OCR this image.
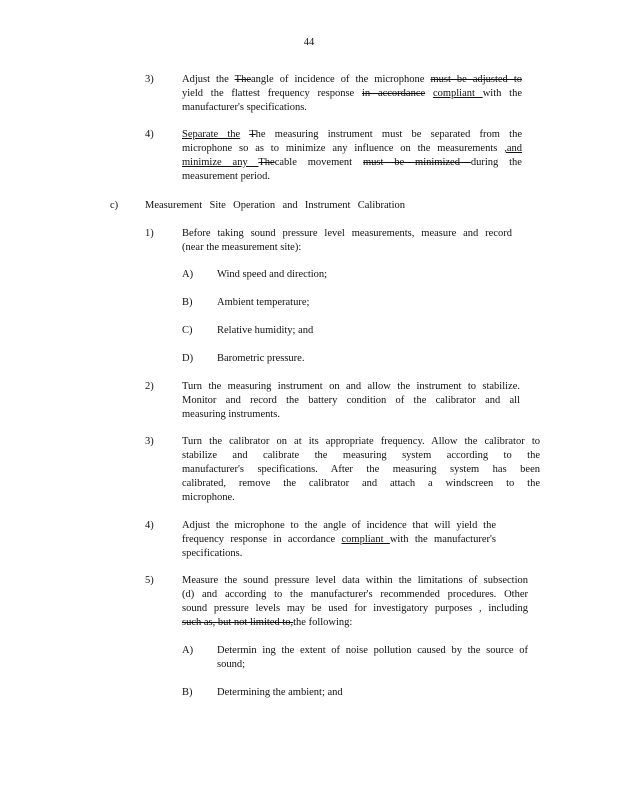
44
3)	Adjust the Theangle of incidence of the microphone must be adjusted to
yield the flattest frequency response in accordance compliant with the
manufacturer's specifications.
4)	Separate the The measuring instrument must be separated from the
microphone so as to minimize any influence on the measurements ,and
minimize any Thecable movement must be minimized during the
measurement period.
c)	Measurement Site Operation and Instrument Calibration
1)	Before taking sound pressure level measurements, measure and record
(near the measurement site):
A) Wind speed and direction;
B) Ambient temperature;
C) Relative humidity; and
D) Barometric pressure.
2)	Turn the measuring instrument on and allow the instrument to stabilize.
Monitor and record the battery condition of the calibrator and all
measuring instruments.
3)	Turn the calibrator on at its appropriate frequency. Allow the calibrator to
stabilize and calibrate the measuring system according to the
manufacturer's specifications. After the measuring system has been
calibrated, remove the calibrator and attach a windscreen to the
microphone.
4)	Adjust the microphone to the angle of incidence that will yield the
frequency response in accordance compliant with the manufacturer's
specifications.
5)	Measure the sound pressure level data within the limitations of subsection
(d) and according to the manufacturer's recommended procedures. Other
sound pressure levels may be used for investigatory purposes , including
such as, but not limited to,the following:
A) Determin ing the extent of noise pollution caused by the source of
sound;
B) Determining the ambient; and
